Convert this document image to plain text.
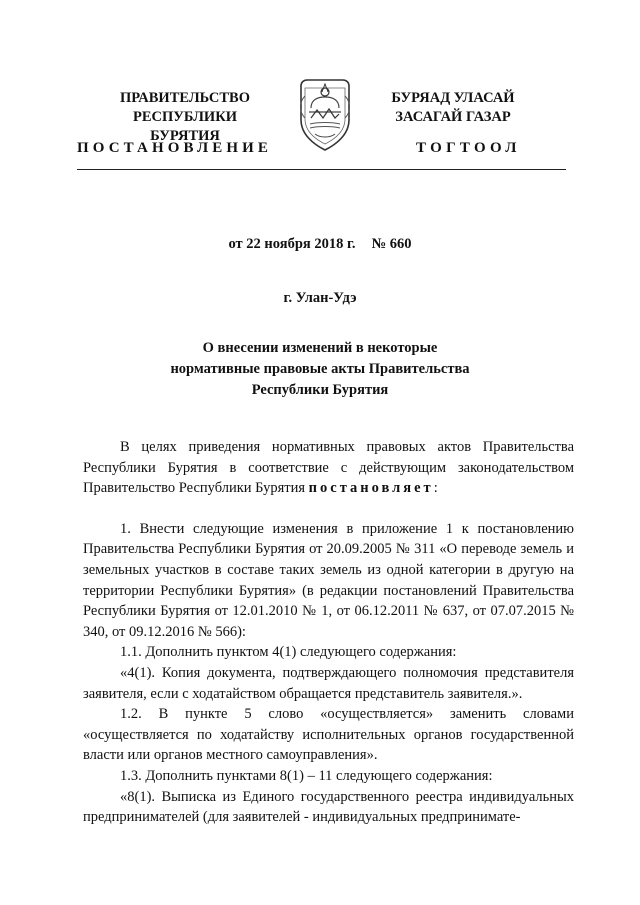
ПРАВИТЕЛЬСТВО
РЕСПУБЛИКИ БУРЯТИЯ
БУРЯАД УЛАСАЙ
ЗАСАГАЙ ГАЗАР
ПОСТАНОВЛЕНИЕ	ТОГТООЛ
от 22 ноября 2018 г. № 660
г. Улан-Удэ
О внесении изменений в некоторые
нормативные правовые акты Правительства
Республики Бурятия

В целях приведения нормативных правовых актов Правительства Республики Бурятия в соответствие с действующим законодательством Правительство Республики Бурятия постановляет:

1. Внести следующие изменения в приложение 1 к постановлению Правительства Республики Бурятия от 20.09.2005 № 311 «О переводе земель и земельных участков в составе таких земель из одной категории в другую на территории Республики Бурятия» (в редакции постановлений Правительства Республики Бурятия от 12.01.2010 № 1, от 06.12.2011 № 637, от 07.07.2015 № 340, от 09.12.2016 № 566):

1.1. Дополнить пунктом 4(1) следующего содержания:

«4(1). Копия документа, подтверждающего полномочия представителя заявителя, если с ходатайством обращается представитель заявителя.».

1.2. В пункте 5 слово «осуществляется» заменить словами «осуществляется по ходатайству исполнительных органов государственной власти или органов местного самоуправления».

1.3. Дополнить пунктами 8(1) – 11 следующего содержания:

«8(1). Выписка из Единого государственного реестра индивидуальных предпринимателей (для заявителей - индивидуальных предпринимате-
